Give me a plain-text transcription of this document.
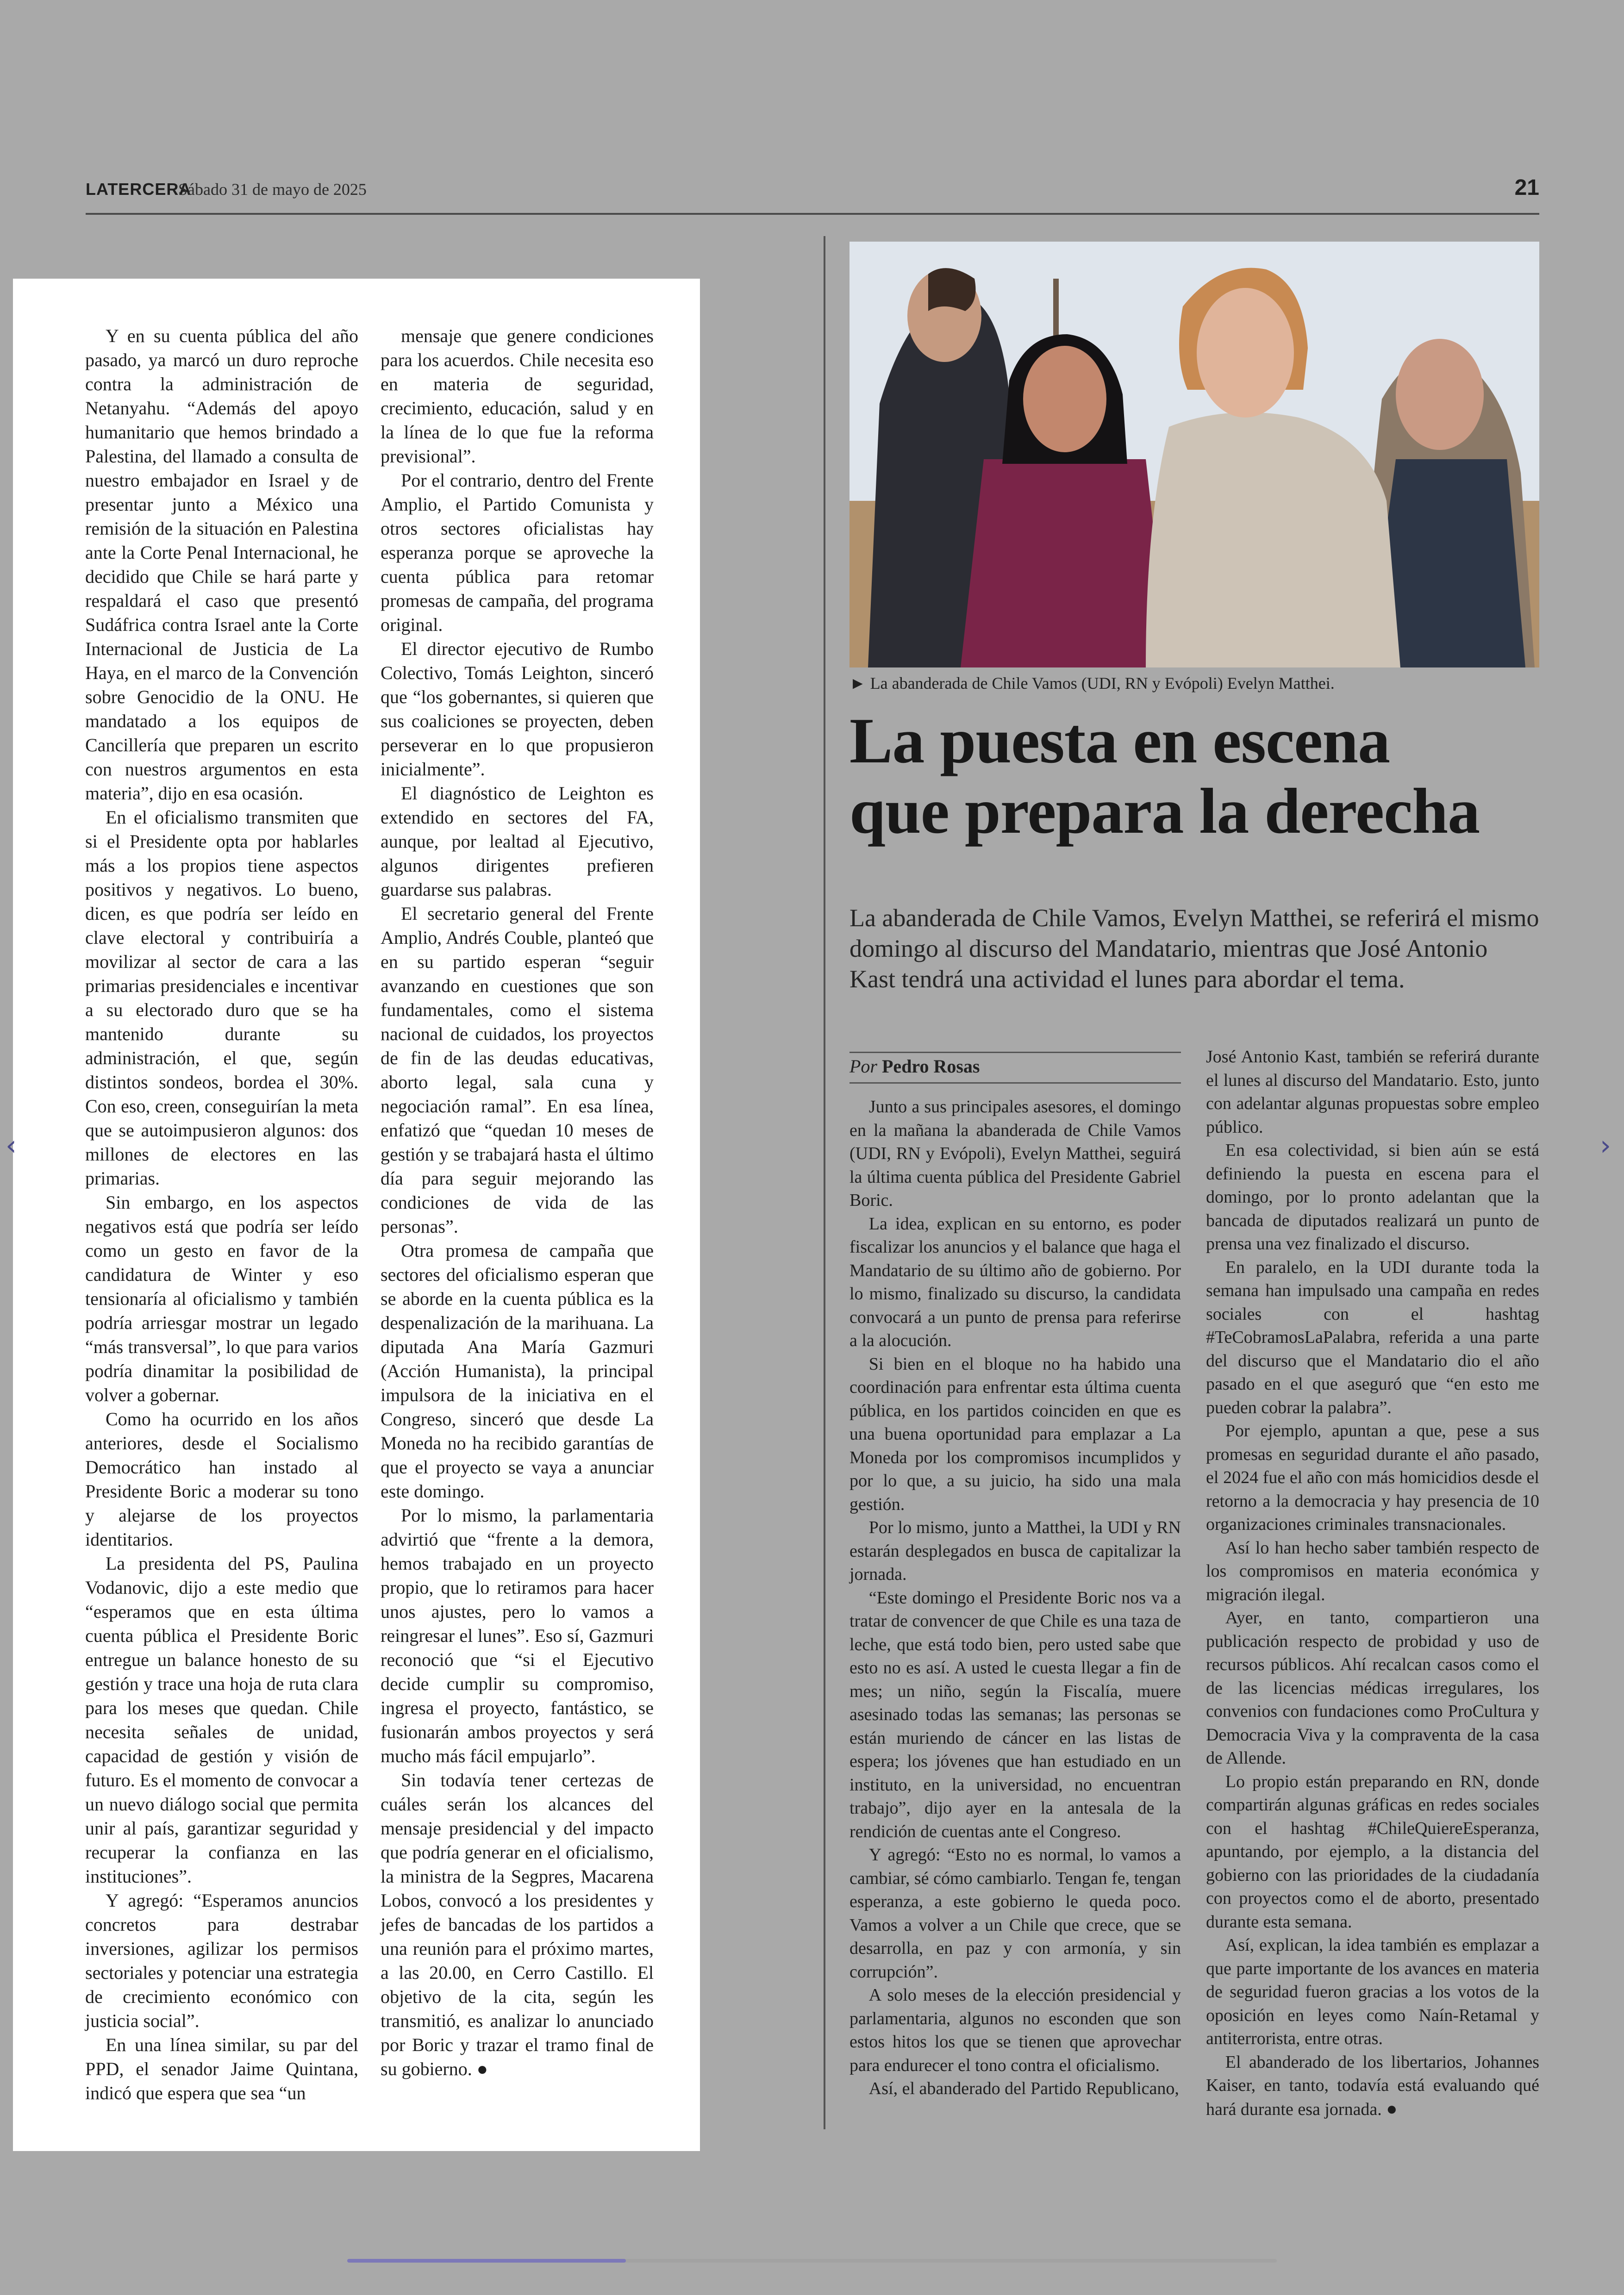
LATERCERA
Sábado 31 de mayo de 2025	21

Y en su cuenta pública del año pasado, ya marcó un duro reproche contra la administración de Netanyahu. “Además del apoyo humanitario que hemos brindado a Palestina, del llamado a consulta de nuestro embajador en Israel y de presentar junto a México una remisión de la situación en Palestina ante la Corte Penal Internacional, he decidido que Chile se hará parte y respaldará el caso que presentó Sudáfrica contra Israel ante la Corte Internacional de Justicia de La Haya, en el marco de la Convención sobre Genocidio de la ONU. He mandatado a los equipos de Cancillería que preparen un escrito con nuestros argumentos en esta materia”, dijo en esa ocasión.

En el oficialismo transmiten que si el Presidente opta por hablarles más a los propios tiene aspectos positivos y negativos. Lo bueno, dicen, es que podría ser leído en clave electoral y contribuiría a movilizar al sector de cara a las primarias presidenciales e incentivar a su electorado duro que se ha mantenido durante su administración, el que, según distintos sondeos, bordea el 30%. Con eso, creen, conseguirían la meta que se autoimpusieron algunos: dos millones de electores en las primarias.

Sin embargo, en los aspectos negativos está que podría ser leído como un gesto en favor de la candidatura de Winter y eso tensionaría al oficialismo y también podría arriesgar mostrar un legado “más transversal”, lo que para varios podría dinamitar la posibilidad de volver a gobernar.

Como ha ocurrido en los años anteriores, desde el Socialismo Democrático han instado al Presidente Boric a moderar su tono y alejarse de los proyectos identitarios.

La presidenta del PS, Paulina Vodanovic, dijo a este medio que “esperamos que en esta última cuenta pública el Presidente Boric entregue un balance honesto de su gestión y trace una hoja de ruta clara para los meses que quedan. Chile necesita señales de unidad, capacidad de gestión y visión de futuro. Es el momento de convocar a un nuevo diálogo social que permita unir al país, garantizar seguridad y recuperar la confianza en las instituciones”.

Y agregó: “Esperamos anuncios concretos para destrabar inversiones, agilizar los permisos sectoriales y potenciar una estrategia de crecimiento económico con justicia social”.

En una línea similar, su par del PPD, el senador Jaime Quintana, indicó que espera que sea “un

mensaje que genere condiciones para los acuerdos. Chile necesita eso en materia de seguridad, crecimiento, educación, salud y en la línea de lo que fue la reforma previsional”.

Por el contrario, dentro del Frente Amplio, el Partido Comunista y otros sectores oficialistas hay esperanza porque se aproveche la cuenta pública para retomar promesas de campaña, del programa original.

El director ejecutivo de Rumbo Colectivo, Tomás Leighton, sinceró que “los gobernantes, si quieren que sus coaliciones se proyecten, deben perseverar en lo que propusieron inicialmente”.

El diagnóstico de Leighton es extendido en sectores del FA, aunque, por lealtad al Ejecutivo, algunos dirigentes prefieren guardarse sus palabras.

El secretario general del Frente Amplio, Andrés Couble, planteó que en su partido esperan “seguir avanzando en cuestiones que son fundamentales, como el sistema nacional de cuidados, los proyectos de fin de las deudas educativas, aborto legal, sala cuna y negociación ramal”. En esa línea, enfatizó que “quedan 10 meses de gestión y se trabajará hasta el último día para seguir mejorando las condiciones de vida de las personas”.

Otra promesa de campaña que sectores del oficialismo esperan que se aborde en la cuenta pública es la despenalización de la marihuana. La diputada Ana María Gazmuri (Acción Humanista), la principal impulsora de la iniciativa en el Congreso, sinceró que desde La Moneda no ha recibido garantías de que el proyecto se vaya a anunciar este domingo.

Por lo mismo, la parlamentaria advirtió que “frente a la demora, hemos trabajado en un proyecto propio, que lo retiramos para hacer unos ajustes, pero lo vamos a reingresar el lunes”. Eso sí, Gazmuri reconoció que “si el Ejecutivo decide cumplir su compromiso, ingresa el proyecto, fantástico, se fusionarán ambos proyectos y será mucho más fácil empujarlo”.

Sin todavía tener certezas de cuáles serán los alcances del mensaje presidencial y del impacto que podría generar en el oficialismo, la ministra de la Segpres, Macarena Lobos, convocó a los presidentes y jefes de bancadas de los partidos a una reunión para el próximo martes, a las 20.00, en Cerro Castillo. El objetivo de la cita, según les transmitió, es analizar lo anunciado por Boric y trazar el tramo final de su gobierno. ●

► La abanderada de Chile Vamos (UDI, RN y Evópoli) Evelyn Matthei.
La puesta en escena
que prepara la derecha
La abanderada de Chile Vamos, Evelyn Matthei, se referirá el mismo domingo al discurso del Mandatario, mientras que José Antonio Kast tendrá una actividad el lunes para abordar el tema.
Por Pedro Rosas

Junto a sus principales asesores, el domingo en la mañana la abanderada de Chile Vamos (UDI, RN y Evópoli), Evelyn Matthei, seguirá la última cuenta pública del Presidente Gabriel Boric.

La idea, explican en su entorno, es poder fiscalizar los anuncios y el balance que haga el Mandatario de su último año de gobierno. Por lo mismo, finalizado su discurso, la candidata convocará a un punto de prensa para referirse a la alocución.

Si bien en el bloque no ha habido una coordinación para enfrentar esta última cuenta pública, en los partidos coinciden en que es una buena oportunidad para emplazar a La Moneda por los compromisos incumplidos y por lo que, a su juicio, ha sido una mala gestión.

Por lo mismo, junto a Matthei, la UDI y RN estarán desplegados en busca de capitalizar la jornada.

“Este domingo el Presidente Boric nos va a tratar de convencer de que Chile es una taza de leche, que está todo bien, pero usted sabe que esto no es así. A usted le cuesta llegar a fin de mes; un niño, según la Fiscalía, muere asesinado todas las semanas; las personas se están muriendo de cáncer en las listas de espera; los jóvenes que han estudiado en un instituto, en la universidad, no encuentran trabajo”, dijo ayer en la antesala de la rendición de cuentas ante el Congreso.

Y agregó: “Esto no es normal, lo vamos a cambiar, sé cómo cambiarlo. Tengan fe, tengan esperanza, a este gobierno le queda poco. Vamos a volver a un Chile que crece, que se desarrolla, en paz y con armonía, y sin corrupción”.

A solo meses de la elección presidencial y parlamentaria, algunos no esconden que son estos hitos los que se tienen que aprovechar para endurecer el tono contra el oficialismo.

Así, el abanderado del Partido Republicano,

José Antonio Kast, también se referirá durante el lunes al discurso del Mandatario. Esto, junto con adelantar algunas propuestas sobre empleo público.

En esa colectividad, si bien aún se está definiendo la puesta en escena para el domingo, por lo pronto adelantan que la bancada de diputados realizará un punto de prensa una vez finalizado el discurso.

En paralelo, en la UDI durante toda la semana han impulsado una campaña en redes sociales con el hashtag #TeCobramosLaPalabra, referida a una parte del discurso que el Mandatario dio el año pasado en el que aseguró que “en esto me pueden cobrar la palabra”.

Por ejemplo, apuntan a que, pese a sus promesas en seguridad durante el año pasado, el 2024 fue el año con más homicidios desde el retorno a la democracia y hay presencia de 10 organizaciones criminales transnacionales.

Así lo han hecho saber también respecto de los compromisos en materia económica y migración ilegal.

Ayer, en tanto, compartieron una publicación respecto de probidad y uso de recursos públicos. Ahí recalcan casos como el de las licencias médicas irregulares, los convenios con fundaciones como ProCultura y Democracia Viva y la compraventa de la casa de Allende.

Lo propio están preparando en RN, donde compartirán algunas gráficas en redes sociales con el hashtag #ChileQuiereEsperanza, apuntando, por ejemplo, a la distancia del gobierno con las prioridades de la ciudadanía con proyectos como el de aborto, presentado durante esta semana.

Así, explican, la idea también es emplazar a que parte importante de los avances en materia de seguridad fueron gracias a los votos de la oposición en leyes como Naín-Retamal y antiterrorista, entre otras.

El abanderado de los libertarios, Johannes Kaiser, en tanto, todavía está evaluando qué hará durante esa jornada. ●

‹	›
